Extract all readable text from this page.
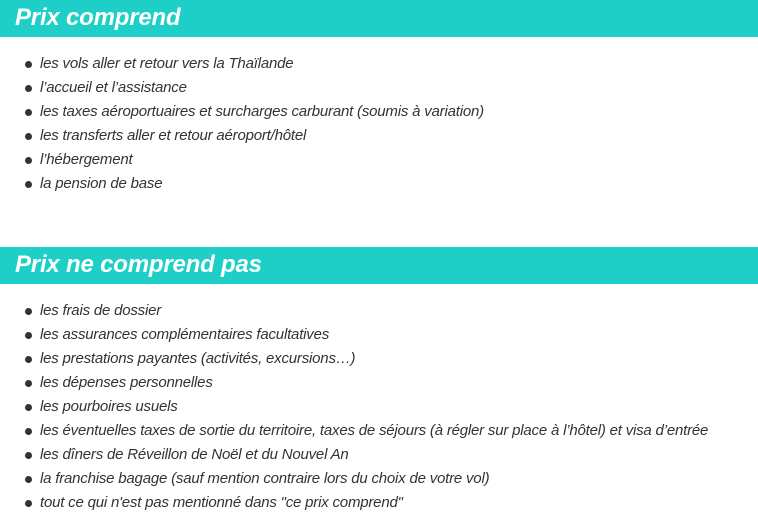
Prix comprend
les vols aller et retour vers la Thaïlande
l’accueil et l’assistance
les taxes aéroportuaires et surcharges carburant (soumis à variation)
les transferts aller et retour aéroport/hôtel
l’hébergement
la pension de base
Prix ne comprend pas
les frais de dossier
les assurances complémentaires facultatives
les prestations payantes (activités, excursions…)
les dépenses personnelles
les pourboires usuels
les éventuelles taxes de sortie du territoire, taxes de séjours (à régler sur place à l’hôtel) et visa d’entrée
les dîners de Réveillon de Noël et du Nouvel An
la franchise bagage (sauf mention contraire lors du choix de votre vol)
tout ce qui n'est pas mentionné dans "ce prix comprend"
